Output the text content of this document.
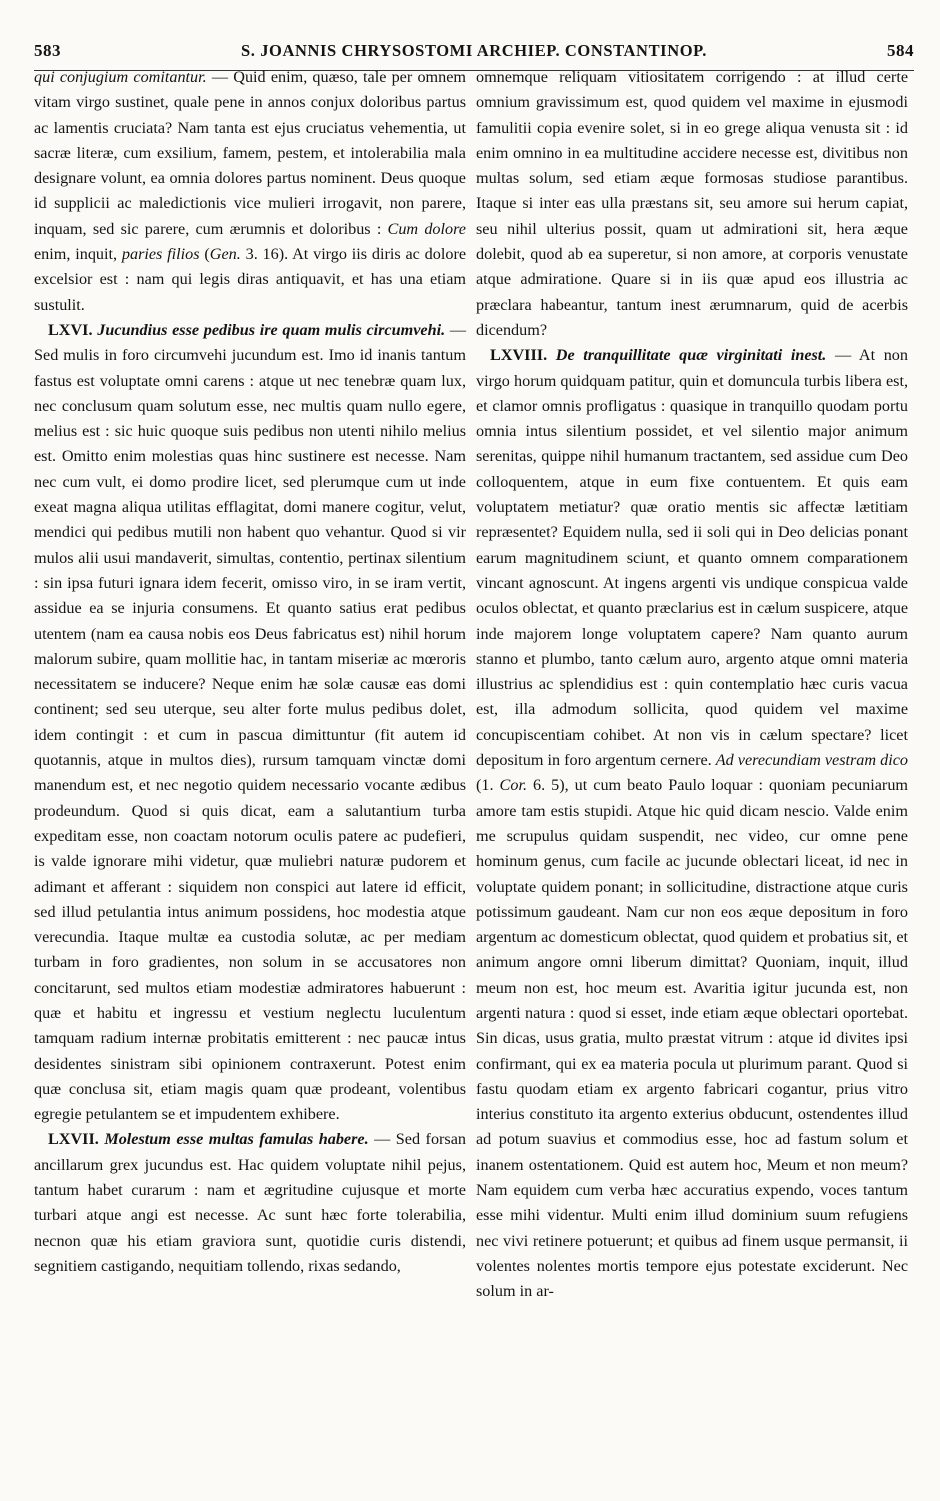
583	S. JOANNIS CHRYSOSTOMI ARCHIEP. CONSTANTINOP.	584

qui conjugium comitantur. — Quid enim, quæso, tale per omnem vitam virgo sustinet, quale pene in annos conjux doloribus partus ac lamentis cruciata? Nam tanta est ejus cruciatus vehementia, ut sacræ literæ, cum exsilium, famem, pestem, et intolerabilia mala designare volunt, ea omnia dolores partus nominent. Deus quoque id supplicii ac maledictionis vice mulieri irrogavit, non parere, inquam, sed sic parere, cum ærumnis et doloribus : Cum dolore enim, inquit, paries filios (Gen. 3. 16). At virgo iis diris ac dolore excelsior est : nam qui legis diras antiquavit, et has una etiam sustulit.

LXVI. Jucundius esse pedibus ire quam mulis circumvehi. — Sed mulis in foro circumvehi jucundum est. Imo id inanis tantum fastus est voluptate omni carens : atque ut nec tenebræ quam lux, nec conclusum quam solutum esse, nec multis quam nullo egere, melius est : sic huic quoque suis pedibus non utenti nihilo melius est. Omitto enim molestias quas hinc sustinere est necesse. Nam nec cum vult, ei domo prodire licet, sed plerumque cum ut inde exeat magna aliqua utilitas efflagitat, domi manere cogitur, velut, mendici qui pedibus mutili non habent quo vehantur. Quod si vir mulos alii usui mandaverit, simultas, contentio, pertinax silentium : sin ipsa futuri ignara idem fecerit, omisso viro, in se iram vertit, assidue ea se injuria consumens. Et quanto satius erat pedibus utentem (nam ea causa nobis eos Deus fabricatus est) nihil horum malorum subire, quam mollitie hac, in tantam miseriæ ac mœroris necessitatem se inducere? Neque enim hæ solæ causæ eas domi continent; sed seu uterque, seu alter forte mulus pedibus dolet, idem contingit : et cum in pascua dimittuntur (fit autem id quotannis, atque in multos dies), rursum tamquam vinctæ domi manendum est, et nec negotio quidem necessario vocante ædibus prodeundum. Quod si quis dicat, eam a salutantium turba expeditam esse, non coactam notorum oculis patere ac pudefieri, is valde ignorare mihi videtur, quæ muliebri naturæ pudorem et adimant et afferant : siquidem non conspici aut latere id efficit, sed illud petulantia intus animum possidens, hoc modestia atque verecundia. Itaque multæ ea custodia solutæ, ac per mediam turbam in foro gradientes, non solum in se accusatores non concitarunt, sed multos etiam modestiæ admiratores habuerunt : quæ et habitu et ingressu et vestium neglectu luculentum tamquam radium internæ probitatis emitterent : nec paucæ intus desidentes sinistram sibi opinionem contraxerunt. Potest enim quæ conclusa sit, etiam magis quam quæ prodeant, volentibus egregie petulantem se et impudentem exhibere.

LXVII. Molestum esse multas famulas habere. — Sed forsan ancillarum grex jucundus est. Hac quidem voluptate nihil pejus, tantum habet curarum : nam et ægritudine cujusque et morte turbari atque angi est necesse. Ac sunt hæc forte tolerabilia, necnon quæ his etiam graviora sunt, quotidie curis distendi, segnitiem castigando, nequitiam tollendo, rixas sedando,

omnemque reliquam vitiositatem corrigendo : at illud certe omnium gravissimum est, quod quidem vel maxime in ejusmodi famulitii copia evenire solet, si in eo grege aliqua venusta sit : id enim omnino in ea multitudine accidere necesse est, divitibus non multas solum, sed etiam æque formosas studiose parantibus. Itaque si inter eas ulla præstans sit, seu amore sui herum capiat, seu nihil ulterius possit, quam ut admirationi sit, hera æque dolebit, quod ab ea superetur, si non amore, at corporis venustate atque admiratione. Quare si in iis quæ apud eos illustria ac præclara habeantur, tantum inest ærumnarum, quid de acerbis dicendum?

LXVIII. De tranquillitate quæ virginitati inest. — At non virgo horum quidquam patitur, quin et domuncula turbis libera est, et clamor omnis profligatus : quasique in tranquillo quodam portu omnia intus silentium possidet, et vel silentio major animum serenitas, quippe nihil humanum tractantem, sed assidue cum Deo colloquentem, atque in eum fixe contuentem. Et quis eam voluptatem metiatur? quæ oratio mentis sic affectæ lætitiam repræsentet? Equidem nulla, sed ii soli qui in Deo delicias ponant earum magnitudinem sciunt, et quanto omnem comparationem vincant agnoscunt. At ingens argenti vis undique conspicua valde oculos oblectat, et quanto præclarius est in cælum suspicere, atque inde majorem longe voluptatem capere? Nam quanto aurum stanno et plumbo, tanto cælum auro, argento atque omni materia illustrius ac splendidius est : quin contemplatio hæc curis vacua est, illa admodum sollicita, quod quidem vel maxime concupiscentiam cohibet. At non vis in cælum spectare? licet depositum in foro argentum cernere. Ad verecundiam vestram dico (1. Cor. 6. 5), ut cum beato Paulo loquar : quoniam pecuniarum amore tam estis stupidi. Atque hic quid dicam nescio. Valde enim me scrupulus quidam suspendit, nec video, cur omne pene hominum genus, cum facile ac jucunde oblectari liceat, id nec in voluptate quidem ponant; in sollicitudine, distractione atque curis potissimum gaudeant. Nam cur non eos æque depositum in foro argentum ac domesticum oblectat, quod quidem et probatius sit, et animum angore omni liberum dimittat? Quoniam, inquit, illud meum non est, hoc meum est. Avaritia igitur jucunda est, non argenti natura : quod si esset, inde etiam æque oblectari oportebat. Sin dicas, usus gratia, multo præstat vitrum : atque id divites ipsi confirmant, qui ex ea materia pocula ut plurimum parant. Quod si fastu quodam etiam ex argento fabricari cogantur, prius vitro interius constituto ita argento exterius obducunt, ostendentes illud ad potum suavius et commodius esse, hoc ad fastum solum et inanem ostentationem. Quid est autem hoc, Meum et non meum? Nam equidem cum verba hæc accuratius expendo, voces tantum esse mihi videntur. Multi enim illud dominium suum refugiens nec vivi retinere potuerunt; et quibus ad finem usque permansit, ii volentes nolentes mortis tempore ejus potestate exciderunt. Nec solum in ar-
